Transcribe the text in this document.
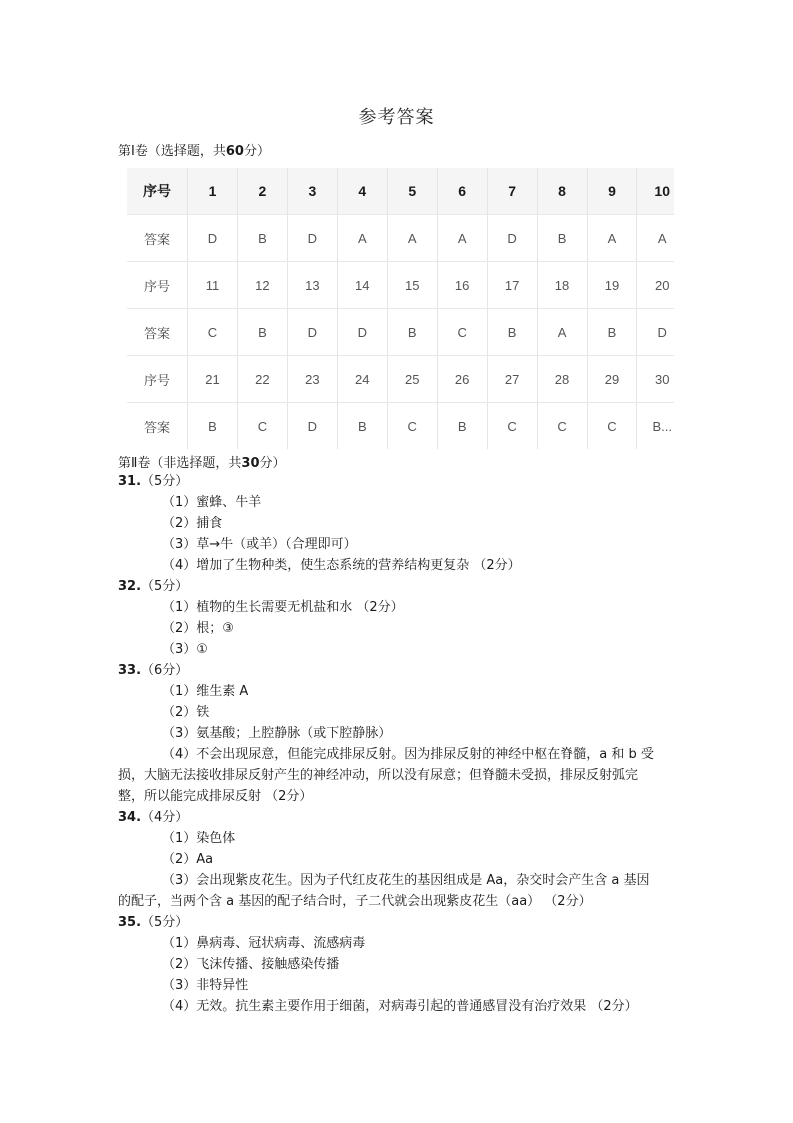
参考答案
第Ⅰ卷（选择题，共60分）
序号	1	2	3	4	5	6	7	8	9	10
答案	D	B	D	A	A	A	D	B	A	A
序号	11	12	13	14	15	16	17	18	19	20
答案	C	B	D	D	B	C	B	A	B	D
序号	21	22	23	24	25	26	27	28	29	30
答案	B	C	D	B	C	B	C	C	C	B...
第Ⅱ卷（非选择题，共30分）
31.（5分）
（1）蜜蜂、牛羊
（2）捕食
（3）草→牛（或羊）（合理即可）
（4）增加了生物种类，使生态系统的营养结构更复杂 （2分）
32.（5分）
（1）植物的生长需要无机盐和水 （2分）
（2）根；③
（3）①
33.（6分）
（1）维生素 A
（2）铁
（3）氨基酸；上腔静脉（或下腔静脉）
（4）不会出现尿意，但能完成排尿反射。因为排尿反射的神经中枢在脊髓，a 和 b 受
损，大脑无法接收排尿反射产生的神经冲动，所以没有尿意；但脊髓未受损，排尿反射弧完
整，所以能完成排尿反射 （2分）
34.（4分）
（1）染色体
（2）Aa
（3）会出现紫皮花生。因为子代红皮花生的基因组成是 Aa，杂交时会产生含 a 基因
的配子，当两个含 a 基因的配子结合时，子二代就会出现紫皮花生（aa） （2分）
35.（5分）
（1）鼻病毒、冠状病毒、流感病毒
（2）飞沫传播、接触感染传播
（3）非特异性
（4）无效。抗生素主要作用于细菌，对病毒引起的普通感冒没有治疗效果 （2分）
